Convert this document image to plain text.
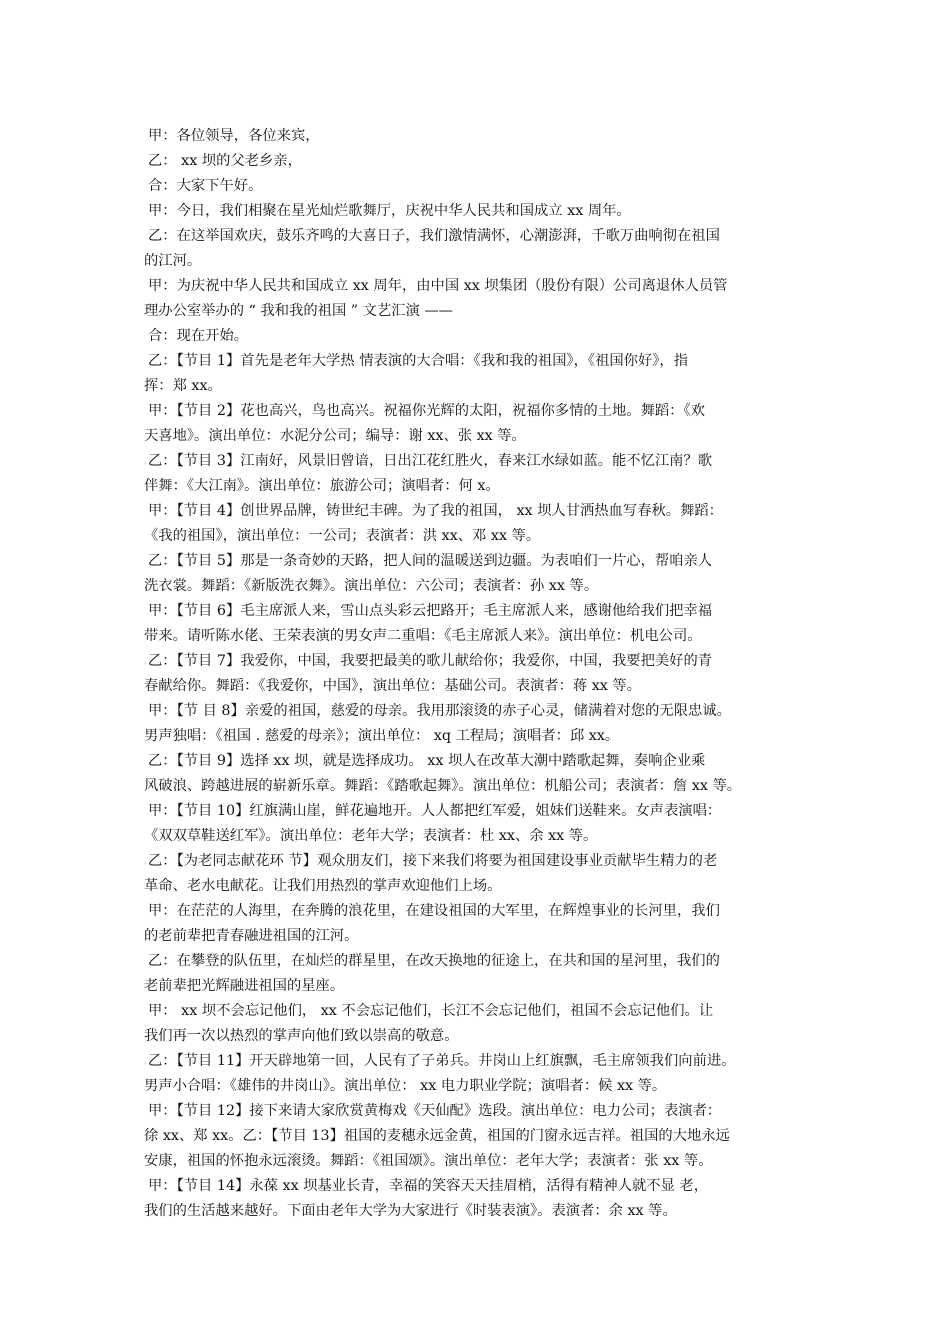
甲：各位领导，各位来宾，
乙： xx 坝的父老乡亲，
合：大家下午好。
甲：今日，我们相聚在星光灿烂歌舞厅，庆祝中华人民共和国成立 xx 周年。
乙：在这举国欢庆，鼓乐齐鸣的大喜日子，我们激情满怀，心潮澎湃，千歌万曲响彻在祖国
的江河。
甲：为庆祝中华人民共和国成立 xx 周年，由中国 xx 坝集团（股份有限）公司离退休人员管
理办公室举办的 “ 我和我的祖国 ” 文艺汇演 ——
合：现在开始。
乙：【节目 1】首先是老年大学热 情表演的大合唱：《我和我的祖国》，《祖国你好》，指
挥：郑 xx。
甲：【节目 2】花也高兴，鸟也高兴。祝福你光辉的太阳，祝福你多情的土地。舞蹈：《欢
天喜地》。演出单位：水泥分公司；编导：谢 xx、张 xx 等。
乙：【节目 3】江南好，风景旧曾谙，日出江花红胜火，春来江水绿如蓝。能不忆江南？歌
伴舞：《大江南》。演出单位：旅游公司；演唱者：何 x。
甲：【节目 4】创世界品牌，铸世纪丰碑。为了我的祖国， xx 坝人甘洒热血写春秋。舞蹈：
《我的祖国》，演出单位：一公司；表演者：洪 xx、邓 xx 等。
乙：【节目 5】那是一条奇妙的天路，把人间的温暖送到边疆。为表咱们一片心，帮咱亲人
洗衣裳。舞蹈：《新版洗衣舞》。演出单位：六公司；表演者：孙 xx 等。
甲：【节目 6】毛主席派人来，雪山点头彩云把路开；毛主席派人来，感谢他给我们把幸福
带来。请听陈水佬、王荣表演的男女声二重唱：《毛主席派人来》。演出单位：机电公司。
乙：【节目 7】我爱你，中国，我要把最美的歌儿献给你；我爱你，中国，我要把美好的青
春献给你。舞蹈：《我爱你，中国》，演出单位：基础公司。表演者：蒋 xx 等。
甲：【节 目 8】亲爱的祖国，慈爱的母亲。我用那滚烫的赤子心灵，储满着对您的无限忠诚。
男声独唱：《祖国 . 慈爱的母亲》；演出单位： xq 工程局；演唱者：邱 xx。
乙：【节目 9】选择 xx 坝，就是选择成功。 xx 坝人在改革大潮中踏歌起舞，奏响企业乘
风破浪、跨越进展的崭新乐章。舞蹈：《踏歌起舞》。演出单位：机船公司；表演者：詹 xx 等。
甲：【节目 10】红旗满山崖，鲜花遍地开。人人都把红军爱，姐妹们送鞋来。女声表演唱：
《双双草鞋送红军》。演出单位：老年大学；表演者：杜 xx、余 xx 等。
乙：【为老同志献花环 节】观众朋友们，接下来我们将要为祖国建设事业贡献毕生精力的老
革命、老水电献花。让我们用热烈的掌声欢迎他们上场。
甲：在茫茫的人海里，在奔腾的浪花里，在建设祖国的大军里，在辉煌事业的长河里，我们
的老前辈把青春融进祖国的江河。
乙：在攀登的队伍里，在灿烂的群星里，在改天换地的征途上，在共和国的星河里，我们的
老前辈把光辉融进祖国的星座。
甲： xx 坝不会忘记他们， xx 不会忘记他们，长江不会忘记他们，祖国不会忘记他们。让
我们再一次以热烈的掌声向他们致以崇高的敬意。
乙：【节目 11】开天辟地第一回，人民有了子弟兵。井岗山上红旗飘，毛主席领我们向前进。
男声小合唱：《雄伟的井岗山》。演出单位： xx 电力职业学院；演唱者：候 xx 等。
甲：【节目 12】接下来请大家欣赏黄梅戏《天仙配》选段。演出单位：电力公司；表演者：
徐 xx、郑 xx。乙：【节目 13】祖国的麦穗永远金黄，祖国的门窗永远吉祥。祖国的大地永远
安康，祖国的怀抱永远滚烫。舞蹈：《祖国颂》。演出单位：老年大学；表演者：张 xx 等。
甲：【节目 14】永葆 xx 坝基业长青，幸福的笑容天天挂眉梢，活得有精神人就不显 老，
我们的生活越来越好。下面由老年大学为大家进行《时装表演》。表演者：余 xx 等。
